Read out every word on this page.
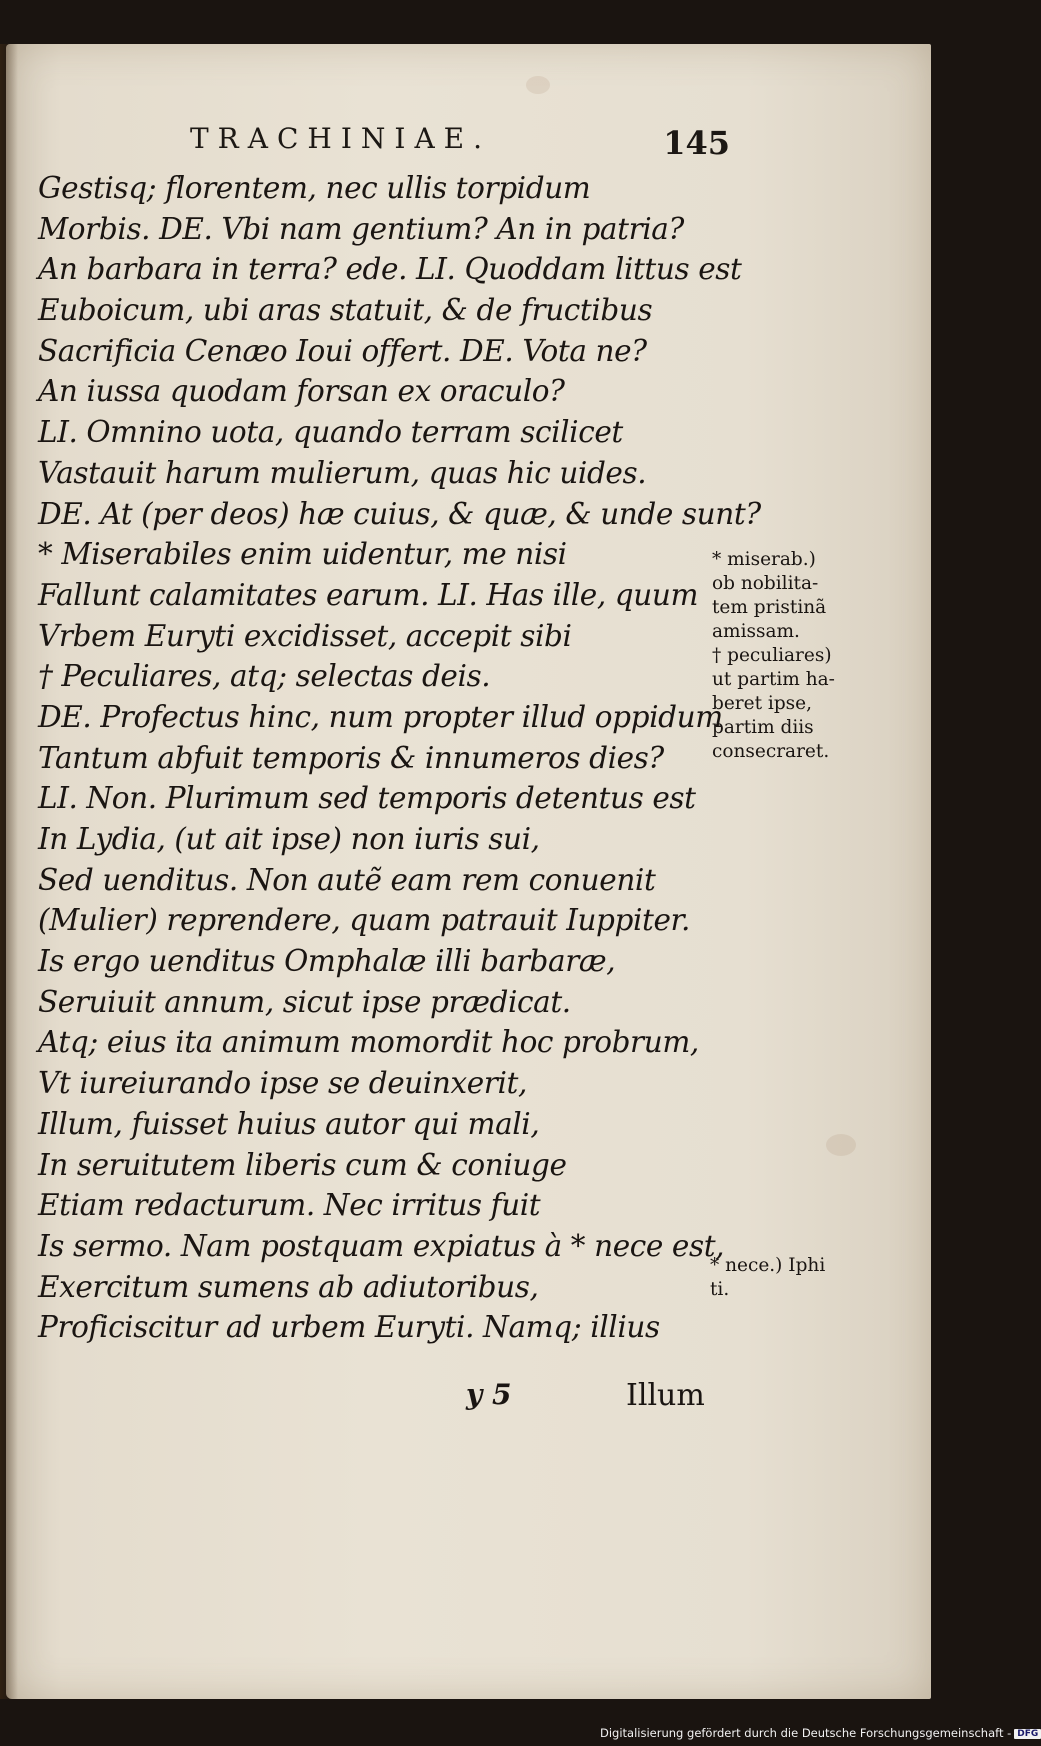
TRACHINIAE.	145
Gestisq; florentem, nec ullis torpidum
Morbis. DE. Vbi nam gentium? An in patria?
An barbara in terra? ede. LI. Quoddam littus est
Euboicum, ubi aras statuit, & de fructibus
Sacrificia Cenæo Ioui offert. DE. Vota ne?
An iussa quodam forsan ex oraculo?
LI. Omnino uota, quando terram scilicet
Vastauit harum mulierum, quas hic uides.
DE. At (per deos) hæ cuius, & quæ, & unde sunt?
* Miserabiles enim uidentur, me nisi
Fallunt calamitates earum. LI. Has ille, quum
Vrbem Euryti excidisset, accepit sibi
† Peculiares, atq; selectas deis.
DE. Profectus hinc, num propter illud oppidum
Tantum abfuit temporis & innumeros dies?
LI. Non. Plurimum sed temporis detentus est
In Lydia, (ut ait ipse) non iuris sui,
Sed uenditus. Non autẽ eam rem conuenit
(Mulier) reprendere, quam patrauit Iuppiter.
Is ergo uenditus Omphalæ illi barbaræ,
Seruiuit annum, sicut ipse prædicat.
Atq; eius ita animum momordit hoc probrum,
Vt iureiurando ipse se deuinxerit,
Illum, fuisset huius autor qui mali,
In seruitutem liberis cum & coniuge
Etiam redacturum. Nec irritus fuit
Is sermo. Nam postquam expiatus à * nece est,
Exercitum sumens ab adiutoribus,
Proficiscitur ad urbem Euryti. Namq; illius
* miserab.)
ob nobilita-
tem pristinã
amissam.
† peculiares)
ut partim ha-
beret ipse,
partim diis
consecraret.
* nece.) Iphi
ti.
y 5	Illum
Digitalisierung gefördert durch die Deutsche Forschungsgemeinschaft - DFG
